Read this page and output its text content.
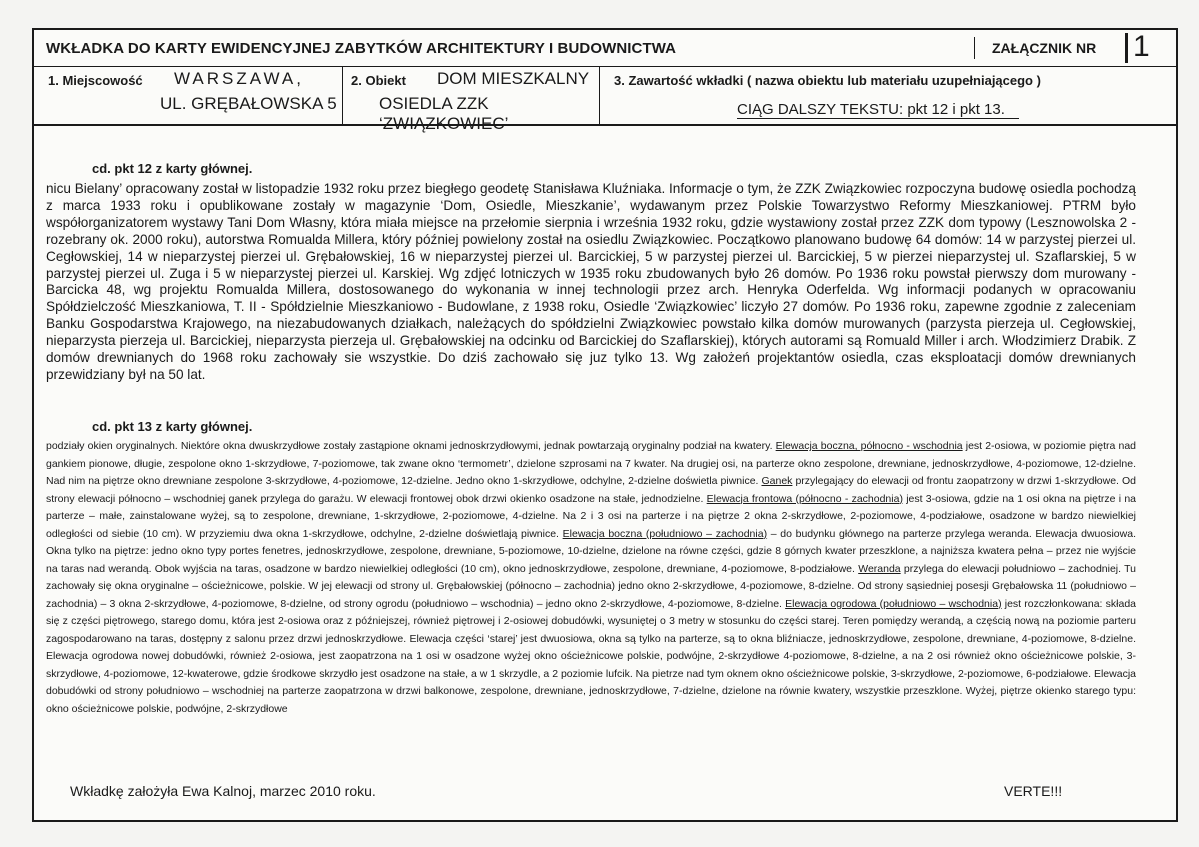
WKŁADKA DO KARTY EWIDENCYJNEJ ZABYTKÓW ARCHITEKTURY I BUDOWNICTWA	ZAŁĄCZNIK NR 1
1. Miejscowość WARSZAWA,
UL. GRĘBAŁOWSKA 5
2. Obiekt DOM MIESZKALNY
OSIEDLA ZZK ‘ZWIĄZKOWIEC’
3. Zawartość wkładki ( nazwa obiektu lub materiału uzupełniającego )
CIĄG DALSZY TEKSTU: pkt 12 i pkt 13.
cd. pkt 12 z karty głównej.

nicu Bielany’ opracowany został w listopadzie 1932 roku przez biegłego geodetę Stanisława Kluźniaka. Informacje o tym, że ZZK Związkowiec rozpoczyna budowę osiedla pochodzą z marca 1933 roku i opublikowane zostały w magazynie ‘Dom, Osiedle, Mieszkanie’, wydawanym przez Polskie Towarzystwo Reformy Mieszkaniowej. PTRM było współorganizatorem wystawy Tani Dom Własny, która miała miejsce na przełomie sierpnia i września 1932 roku, gdzie wystawiony został przez ZZK dom typowy (Lesznowolska 2 - rozebrany ok. 2000 roku), autorstwa Romualda Millera, który później powielony został na osiedlu Związkowiec. Początkowo planowano budowę 64 domów: 14 w parzystej pierzei ul. Cegłowskiej, 14 w nieparzystej pierzei ul. Grębałowskiej, 16 w nieparzystej pierzei ul. Barcickiej, 5 w parzystej pierzei ul. Barcickiej, 5 w pierzei nieparzystej ul. Szaflarskiej, 5 w parzystej pierzei ul. Zuga i 5 w nieparzystej pierzei ul. Karskiej. Wg zdjęć lotniczych w 1935 roku zbudowanych było 26 domów. Po 1936 roku powstał pierwszy dom murowany - Barcicka 48, wg projektu Romualda Millera, dostosowanego do wykonania w innej technologii przez arch. Henryka Oderfelda. Wg informacji podanych w opracowaniu Spółdzielczość Mieszkaniowa, T. II - Spółdzielnie Mieszkaniowo - Budowlane, z 1938 roku, Osiedle ‘Związkowiec’ liczyło 27 domów. Po 1936 roku, zapewne zgodnie z zaleceniam Banku Gospodarstwa Krajowego, na niezabudowanych działkach, należących do spółdzielni Związkowiec powstało kilka domów murowanych (parzysta pierzeja ul. Cegłowskiej, nieparzysta pierzeja ul. Barcickiej, nieparzysta pierzeja ul. Grębałowskiej na odcinku od Barcickiej do Szaflarskiej), których autorami są Romuald Miller i arch. Włodzimierz Drabik. Z domów drewnianych do 1968 roku zachowały sie wszystkie. Do dziś zachowało się juz tylko 13. Wg założeń projektantów osiedla, czas eksploatacji domów drewnianych przewidziany był na 50 lat.

cd. pkt 13 z karty głównej.

podziały okien oryginalnych. Niektóre okna dwuskrzydłowe zostały zastąpione oknami jednoskrzydłowymi, jednak powtarzają oryginalny podział na kwatery. Elewacja boczna, północno - wschodnia jest 2-osiowa, w poziomie piętra nad gankiem pionowe, długie, zespolone okno 1-skrzydłowe, 7-poziomowe, tak zwane okno ‘termometr’, dzielone szprosami na 7 kwater. Na drugiej osi, na parterze okno zespolone, drewniane, jednoskrzydłowe, 4-poziomowe, 12-dzielne. Nad nim na piętrze okno drewniane zespolone 3-skrzydłowe, 4-poziomowe, 12-dzielne. Jedno okno 1-skrzydłowe, odchylne, 2-dzielne doświetla piwnice. Ganek przylegający do elewacji od frontu zaopatrzony w drzwi 1-skrzydłowe. Od strony elewacji północno – wschodniej ganek przylega do garażu. W elewacji frontowej obok drzwi okienko osadzone na stałe, jednodzielne. Elewacja frontowa (północno - zachodnia) jest 3-osiowa, gdzie na 1 osi okna na piętrze i na parterze – małe, zainstalowane wyżej, są to zespolone, drewniane, 1-skrzydłowe, 2-poziomowe, 4-dzielne. Na 2 i 3 osi na parterze i na piętrze 2 okna 2-skrzydłowe, 2-poziomowe, 4-podziałowe, osadzone w bardzo niewielkiej odległości od siebie (10 cm). W przyziemiu dwa okna 1-skrzydłowe, odchylne, 2-dzielne doświetlają piwnice. Elewacja boczna (południowo – zachodnia) – do budynku głównego na parterze przylega weranda. Elewacja dwuosiowa. Okna tylko na piętrze: jedno okno typy portes fenetres, jednoskrzydłowe, zespolone, drewniane, 5-poziomowe, 10-dzielne, dzielone na równe części, gdzie 8 górnych kwater przeszklone, a najniższa kwatera pełna – przez nie wyjście na taras nad werandą. Obok wyjścia na taras, osadzone w bardzo niewielkiej odległości (10 cm), okno jednoskrzydłowe, zespolone, drewniane, 4-poziomowe, 8-podziałowe. Weranda przylega do elewacji południowo – zachodniej. Tu zachowały się okna oryginalne – ościeżnicowe, polskie. W jej elewacji od strony ul. Grębałowskiej (północno – zachodnia) jedno okno 2-skrzydłowe, 4-poziomowe, 8-dzielne. Od strony sąsiedniej posesji Grębałowska 11 (południowo – zachodnia) – 3 okna 2-skrzydłowe, 4-poziomowe, 8-dzielne, od strony ogrodu (południowo – wschodnia) – jedno okno 2-skrzydłowe, 4-poziomowe, 8-dzielne. Elewacja ogrodowa (południowo – wschodnia) jest rozczłonkowana: składa się z części piętrowego, starego domu, która jest 2-osiowa oraz z późniejszej, również piętrowej i 2-osiowej dobudówki, wysuniętej o 3 metry w stosunku do części starej. Teren pomiędzy werandą, a częścią nową na poziomie parteru zagospodarowano na taras, dostępny z salonu przez drzwi jednoskrzydłowe. Elewacja części ‘starej’ jest dwuosiowa, okna są tylko na parterze, są to okna bliźniacze, jednoskrzydłowe, zespolone, drewniane, 4-poziomowe, 8-dzielne. Elewacja ogrodowa nowej dobudówki, również 2-osiowa, jest zaopatrzona na 1 osi w osadzone wyżej okno ościeżnicowe polskie, podwójne, 2-skrzydłowe 4-poziomowe, 8-dzielne, a na 2 osi również okno ościeżnicowe polskie, 3-skrzydłowe, 4-poziomowe, 12-kwaterowe, gdzie środkowe skrzydło jest osadzone na stałe, a w 1 skrzydle, a 2 poziomie lufcik. Na pietrze nad tym oknem okno ościeżnicowe polskie, 3-skrzydłowe, 2-poziomowe, 6-podziałowe. Elewacja dobudówki od strony południowo – wschodniej na parterze zaopatrzona w drzwi balkonowe, zespolone, drewniane, jednoskrzydłowe, 7-dzielne, dzielone na równie kwatery, wszystkie przeszklone. Wyżej, piętrze okienko starego typu: okno ościeżnicowe polskie, podwójne, 2-skrzydłowe

Wkładkę założyła Ewa Kalnoj, marzec 2010 roku.	VERTE!!!
